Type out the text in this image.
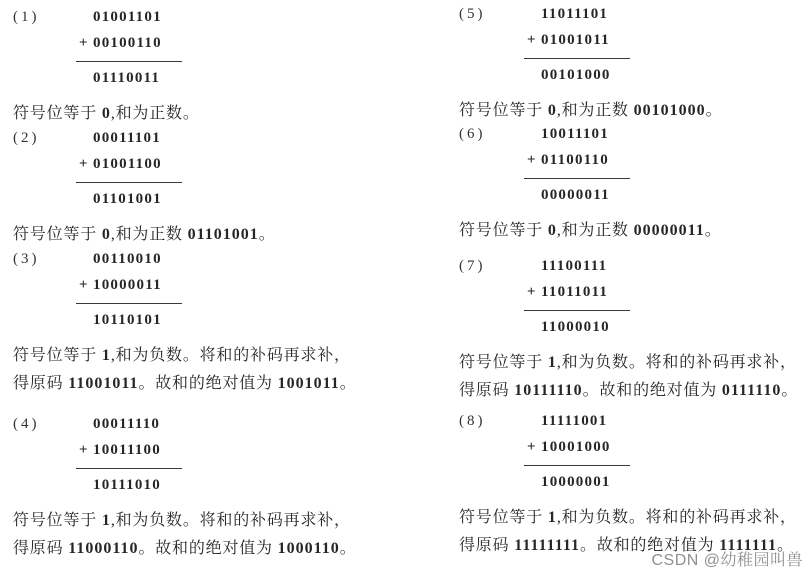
(1)	01001101
+ 00100110
01110011
符号位等于 0,和为正数。
(2)	00011101
+ 01001100
01101001
符号位等于 0,和为正数 01101001。
(3)	00110010
+ 10000011
10110101
符号位等于 1,和为负数。将和的补码再求补，
得原码 11001011。故和的绝对值为 1001011。
(4)	00011110
+ 10011100
10111010
符号位等于 1,和为负数。将和的补码再求补，
得原码 11000110。故和的绝对值为 1000110。
(5)	11011101
+ 01001011
00101000
符号位等于 0,和为正数 00101000。
(6)	10011101
+ 01100110
00000011
符号位等于 0,和为正数 00000011。
(7)	11100111
+ 11011011
11000010
符号位等于 1,和为负数。将和的补码再求补，
得原码 10111110。故和的绝对值为 0111110。
(8)	11111001
+ 10001000
10000001
符号位等于 1,和为负数。将和的补码再求补，
得原码 11111111。故和的绝对值为 1111111。
CSDN @幼稚园叫兽
